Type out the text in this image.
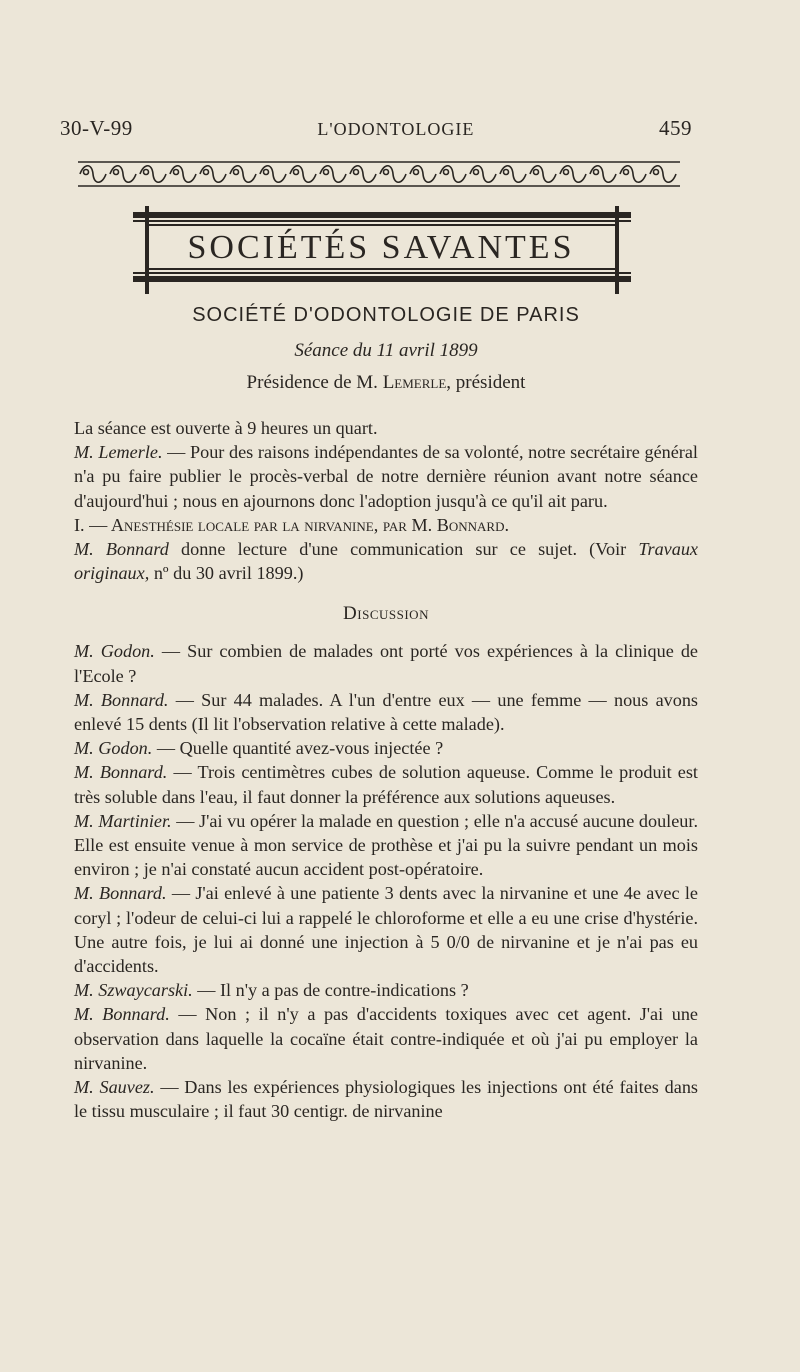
30-V-99	L'ODONTOLOGIE	459
SOCIÉTÉS SAVANTES
SOCIÉTÉ D'ODONTOLOGIE DE PARIS
Séance du 11 avril 1899
Présidence de M. Lemerle, président

La séance est ouverte à 9 heures un quart.

M. Lemerle. — Pour des raisons indépendantes de sa volonté, notre secrétaire général n'a pu faire publier le procès-verbal de notre dernière réunion avant notre séance d'aujourd'hui ; nous en ajournons donc l'adoption jusqu'à ce qu'il ait paru.

I. — Anesthésie locale par la nirvanine, par M. Bonnard.

M. Bonnard donne lecture d'une communication sur ce sujet. (Voir Travaux originaux, nº du 30 avril 1899.)

Discussion

M. Godon. — Sur combien de malades ont porté vos expériences à la clinique de l'Ecole ?

M. Bonnard. — Sur 44 malades. A l'un d'entre eux — une femme — nous avons enlevé 15 dents (Il lit l'observation relative à cette malade).

M. Godon. — Quelle quantité avez-vous injectée ?

M. Bonnard. — Trois centimètres cubes de solution aqueuse. Comme le produit est très soluble dans l'eau, il faut donner la préférence aux solutions aqueuses.

M. Martinier. — J'ai vu opérer la malade en question ; elle n'a accusé aucune douleur. Elle est ensuite venue à mon service de prothèse et j'ai pu la suivre pendant un mois environ ; je n'ai constaté aucun accident post-opératoire.

M. Bonnard. — J'ai enlevé à une patiente 3 dents avec la nirvanine et une 4e avec le coryl ; l'odeur de celui-ci lui a rappelé le chloroforme et elle a eu une crise d'hystérie. Une autre fois, je lui ai donné une injection à 5 0/0 de nirvanine et je n'ai pas eu d'accidents.

M. Szwaycarski. — Il n'y a pas de contre-indications ?

M. Bonnard. — Non ; il n'y a pas d'accidents toxiques avec cet agent. J'ai une observation dans laquelle la cocaïne était contre-indiquée et où j'ai pu employer la nirvanine.

M. Sauvez. — Dans les expériences physiologiques les injections ont été faites dans le tissu musculaire ; il faut 30 centigr. de nirvanine
